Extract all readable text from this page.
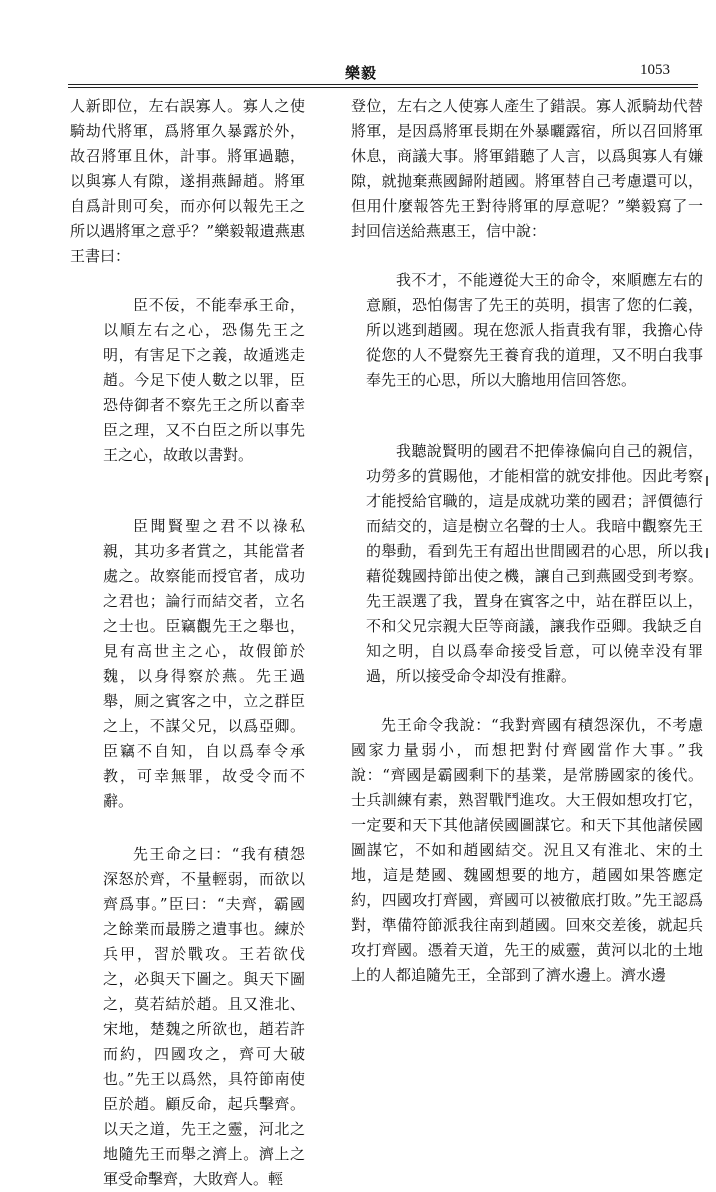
樂毅	1053

人新即位，左右誤寡人。寡人之使騎劫代將軍，爲將軍久暴露於外，故召將軍且休，計事。將軍過聽，以與寡人有隙，遂捐燕歸趙。將軍自爲計則可矣，而亦何以報先王之所以遇將軍之意乎？”樂毅報遺燕惠王書曰：

臣不佞，不能奉承王命，以順左右之心，恐傷先王之明，有害足下之義，故遁逃走趙。今足下使人數之以罪，臣恐侍御者不察先王之所以畜幸臣之理，又不白臣之所以事先王之心，故敢以書對。

臣聞賢聖之君不以祿私親，其功多者賞之，其能當者處之。故察能而授官者，成功之君也；論行而結交者，立名之士也。臣竊觀先王之舉也，見有高世主之心，故假節於魏，以身得察於燕。先王過舉，厠之賓客之中，立之群臣之上，不謀父兄，以爲亞卿。臣竊不自知，自以爲奉令承教，可幸無罪，故受令而不辭。

先王命之曰：“我有積怨深怒於齊，不量輕弱，而欲以齊爲事。”臣曰：“夫齊，霸國之餘業而最勝之遺事也。練於兵甲，習於戰攻。王若欲伐之，必與天下圖之。與天下圖之，莫若結於趙。且又淮北、宋地，楚魏之所欲也，趙若許而約，四國攻之，齊可大破也。”先王以爲然，具符節南使臣於趙。顧反命，起兵擊齊。以天之道，先王之靈，河北之地隨先王而舉之濟上。濟上之軍受命擊齊，大敗齊人。輕

登位，左右之人使寡人產生了錯誤。寡人派騎劫代替將軍，是因爲將軍長期在外暴曬露宿，所以召回將軍休息，商議大事。將軍錯聽了人言，以爲與寡人有嫌隙，就抛棄燕國歸附趙國。將軍替自己考慮還可以，但用什麼報答先王對待將軍的厚意呢？”樂毅寫了一封回信送給燕惠王，信中說：

我不才，不能遵從大王的命令，來順應左右的意願，恐怕傷害了先王的英明，損害了您的仁義，所以逃到趙國。現在您派人指責我有罪，我擔心侍從您的人不覺察先王養育我的道理，又不明白我事奉先王的心思，所以大膽地用信回答您。

我聽說賢明的國君不把俸祿偏向自己的親信，功勞多的賞賜他，才能相當的就安排他。因此考察才能授給官職的，這是成就功業的國君；評價德行而結交的，這是樹立名聲的士人。我暗中觀察先王的舉動，看到先王有超出世間國君的心思，所以我藉從魏國持節出使之機，讓自己到燕國受到考察。先王誤選了我，置身在賓客之中，站在群臣以上，不和父兄宗親大臣等商議，讓我作亞卿。我缺乏自知之明，自以爲奉命接受旨意，可以僥幸没有罪過，所以接受命令却没有推辭。

先王命令我說：“我對齊國有積怨深仇，不考慮國家力量弱小，而想把對付齊國當作大事。”我說：“齊國是霸國剩下的基業，是常勝國家的後代。士兵訓練有素，熟習戰鬥進攻。大王假如想攻打它，一定要和天下其他諸侯國圖謀它。和天下其他諸侯國圖謀它，不如和趙國結交。況且又有淮北、宋的土地，這是楚國、魏國想要的地方，趙國如果答應定約，四國攻打齊國，齊國可以被徹底打敗。”先王認爲對，準備符節派我往南到趙國。回來交差後，就起兵攻打齊國。憑着天道，先王的威靈，黄河以北的土地上的人都追隨先王，全部到了濟水邊上。濟水邊
